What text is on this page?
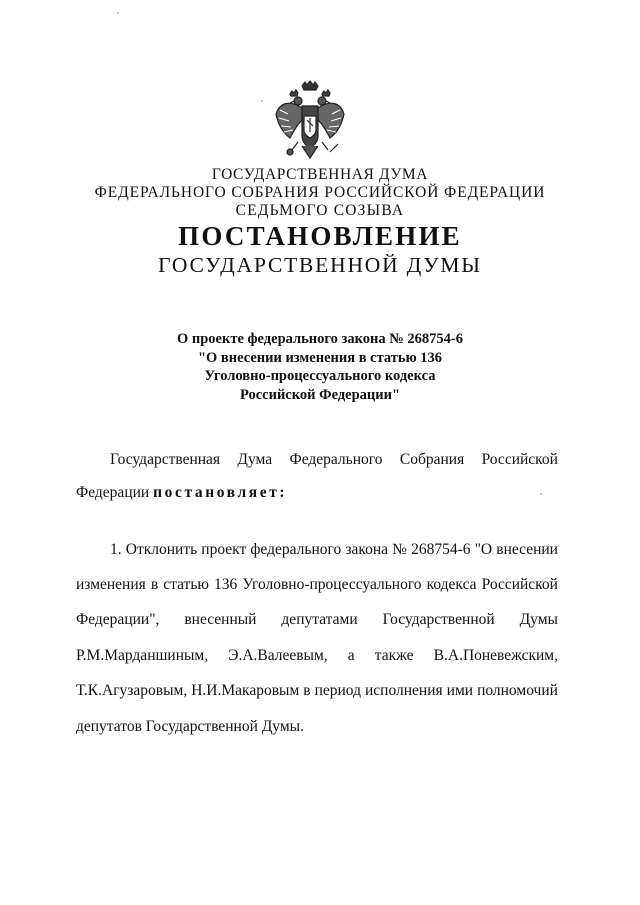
ГОСУДАРСТВЕННАЯ ДУМА
ФЕДЕРАЛЬНОГО СОБРАНИЯ РОССИЙСКОЙ ФЕДЕРАЦИИ
СЕДЬМОГО СОЗЫВА
ПОСТАНОВЛЕНИЕ
ГОСУДАРСТВЕННОЙ ДУМЫ
О проекте федерального закона № 268754-6
"О внесении изменения в статью 136
Уголовно-процессуального кодекса
Российской Федерации"
Государственная Дума Федерального Собрания Российской
Федерации постановляет:
1. Отклонить проект федерального закона № 268754-6 "О внесении
изменения в статью 136 Уголовно-процессуального кодекса Российской
Федерации", внесенный депутатами Государственной Думы
Р.М.Марданшиным, Э.А.Валеевым, а также В.А.Поневежским,
Т.К.Агузаровым, Н.И.Макаровым в период исполнения ими полномочий
депутатов Государственной Думы.
